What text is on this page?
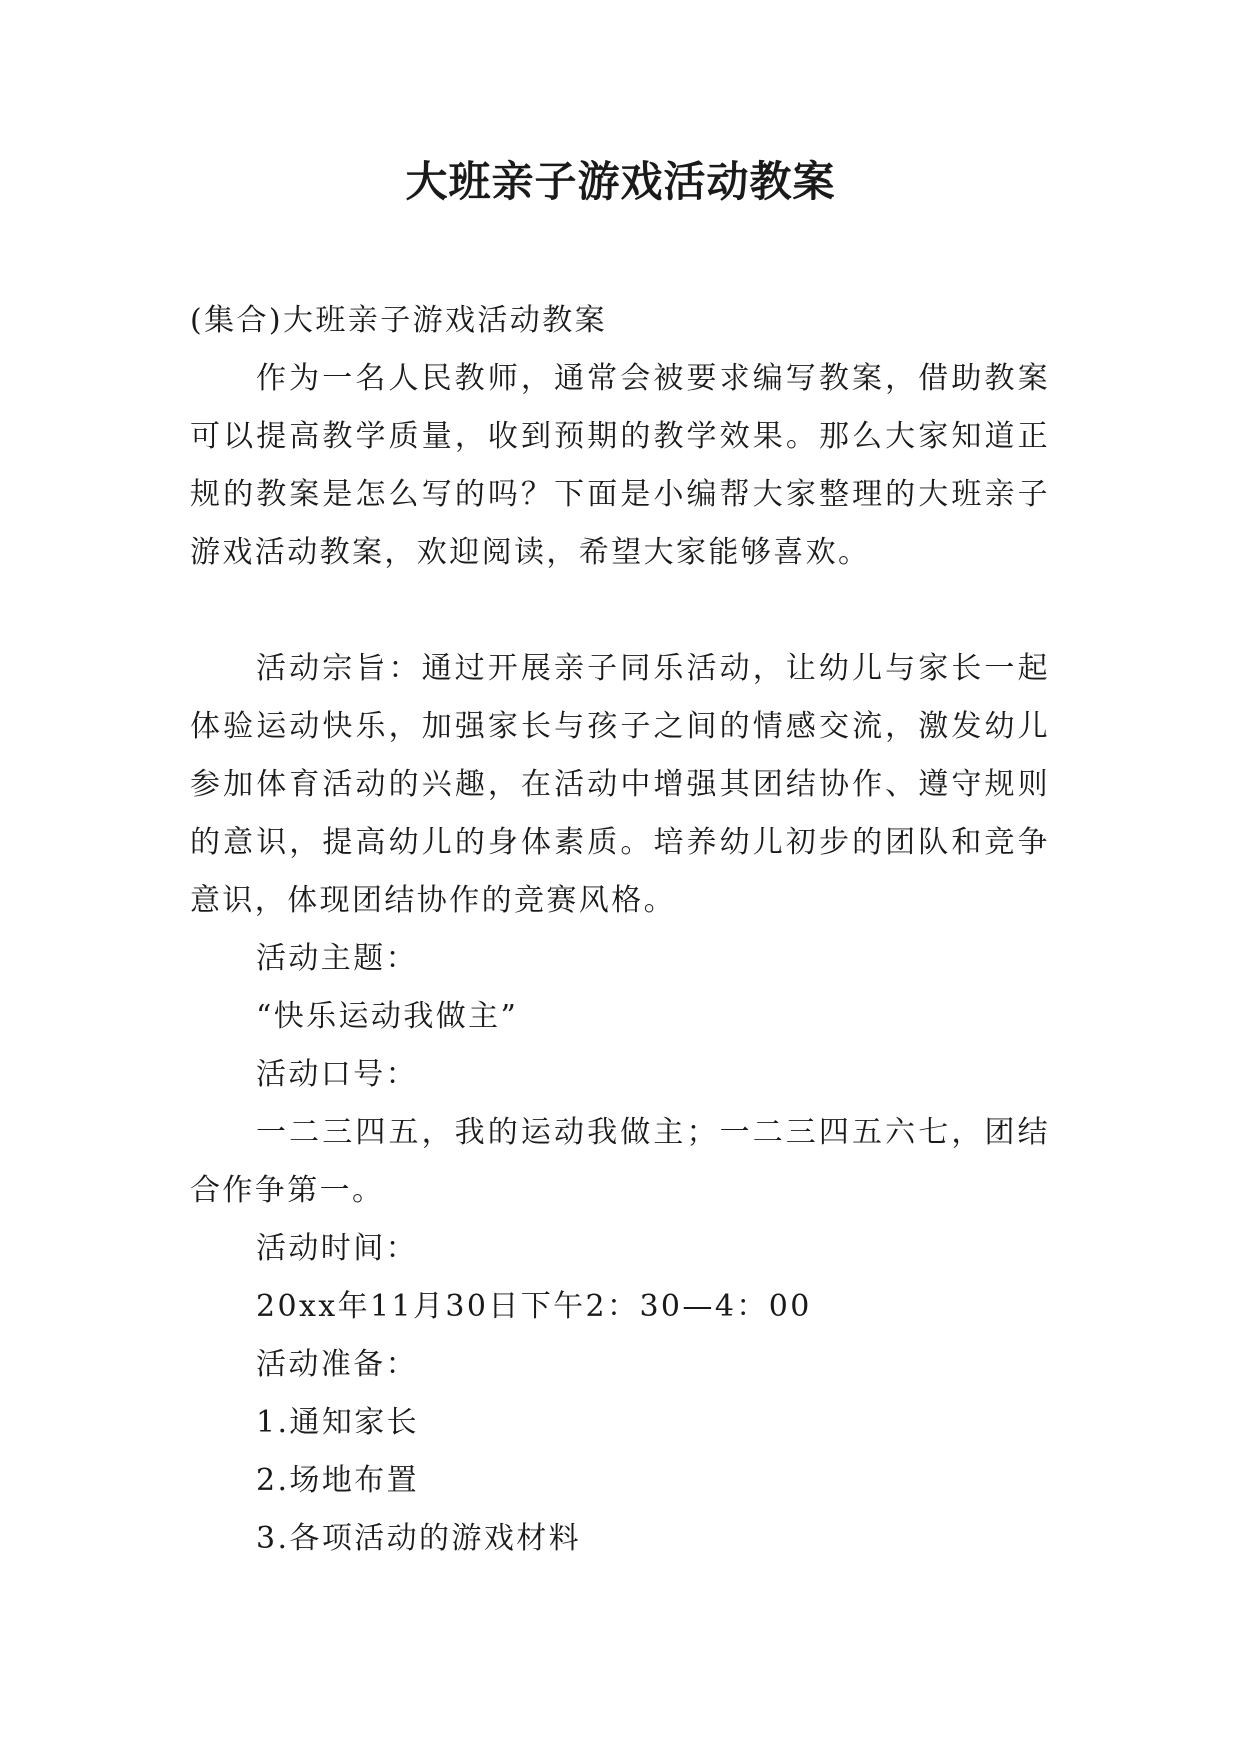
大班亲子游戏活动教案

(集合)大班亲子游戏活动教案

作为一名人民教师，通常会被要求编写教案，借助教案可以提高教学质量，收到预期的教学效果。那么大家知道正规的教案是怎么写的吗？下面是小编帮大家整理的大班亲子游戏活动教案，欢迎阅读，希望大家能够喜欢。

活动宗旨：通过开展亲子同乐活动，让幼儿与家长一起体验运动快乐，加强家长与孩子之间的情感交流，激发幼儿参加体育活动的兴趣，在活动中增强其团结协作、遵守规则的意识，提高幼儿的身体素质。培养幼儿初步的团队和竞争意识，体现团结协作的竞赛风格。

活动主题：

“快乐运动我做主”

活动口号：

一二三四五，我的运动我做主；一二三四五六七，团结合作争第一。

活动时间：

20xx年11月30日下午2：30—4：00

活动准备：

1.通知家长

2.场地布置

3.各项活动的游戏材料
